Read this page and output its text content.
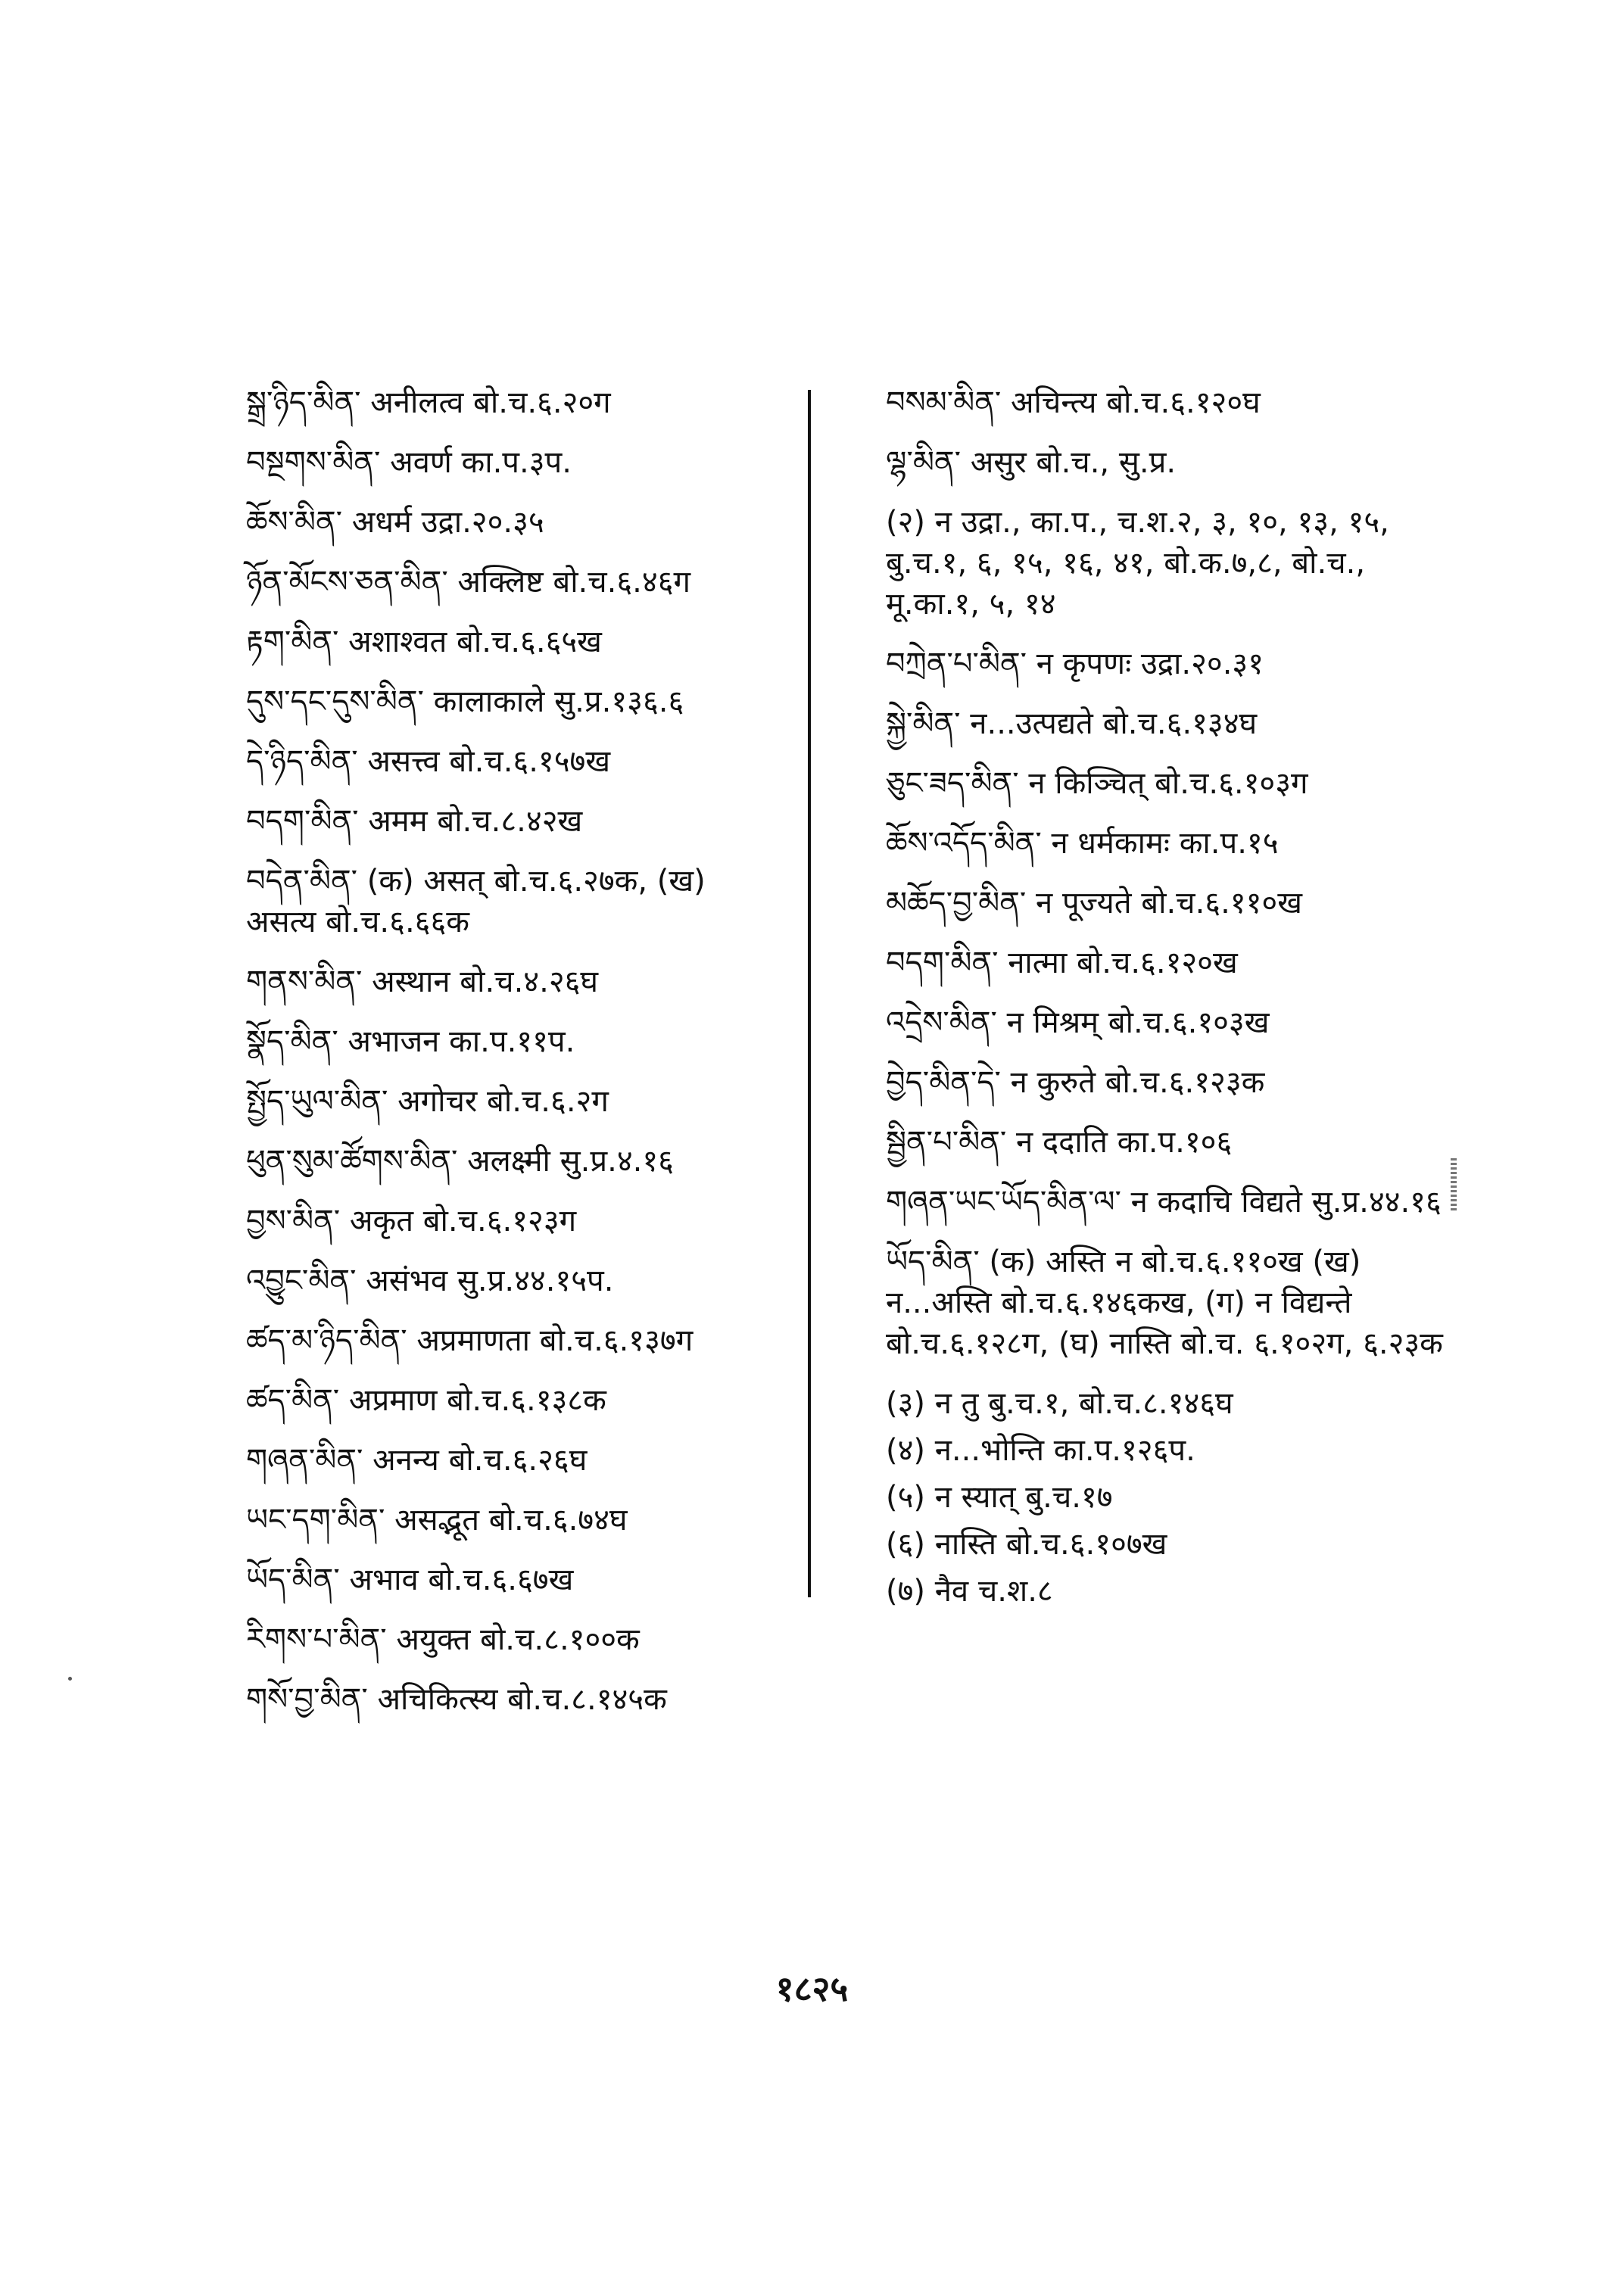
སྒྲ་ཉིད་མིན་ अनीलत्व बो.च.६.२०ग
བསྔགས་མིན་ अवर्ण का.प.३प.
ཆོས་མིན་ अधर्म उद्रा.२०.३५
ཉོན་མོངས་ཅན་མིན་ अक्लिष्ट बो.च.६.४६ग
རྟག་མིན་ अशाश्वत बो.च.६.६५ख
དུས་དང་དུས་མིན་ कालाकाले सु.प्र.१३६.६
དེ་ཉིད་མིན་ असत्त्व बो.च.६.१५७ख
བདག་མིན་ अमम बो.च.८.४२ख
བདེན་མིན་ (क) असत् बो.च.६.२७क, (ख) असत्य बो.च.६.६६क
གནས་མིན་ अस्थान बो.च.४.२६घ
སྣོད་མིན་ अभाजन का.प.११प.
སྤྱོད་ཡུལ་མིན་ अगोचर बो.च.६.२ग
ཕུན་སུམ་ཚོགས་མིན་ अलक्ष्मी सु.प्र.४.१६
བྱས་མིན་ अकृत बो.च.६.१२३ग
འབྱུང་མིན་ असंभव सु.प्र.४४.१५प.
ཚད་མ་ཉིད་མིན་ अप्रमाणता बो.च.६.१३७ग
ཚད་མིན་ अप्रमाण बो.च.६.१३८क
གཞན་མིན་ अनन्य बो.च.६.२६घ
ཡང་དག་མིན་ असद्भूत बो.च.६.७४घ
ཡོད་མིན་ अभाव बो.च.६.६७ख
རིགས་པ་མིན་ अयुक्त बो.च.८.१००क
གསོ་བྱ་མིན་ अचिकित्स्य बो.च.८.१४५क
བསམ་མིན་ अचिन्त्य बो.च.६.१२०घ
ལྷ་མིན་ असुर बो.च., सु.प्र.
(२) न उद्रा., का.प., च.श.२, ३, १०, १३, १५, बु.च.१, ६, १५, १६, ४१, बो.क.७,८, बो.च., मू.का.१, ५, १४
བཀྲེན་པ་མིན་ न कृपणः उद्रा.२०.३१
སྐྱེ་མིན་ न...उत्पद्यते बो.च.६.१३४घ
ཅུང་ཟད་མིན་ न किञ्चित् बो.च.६.१०३ग
ཆོས་འདོད་མིན་ न धर्मकामः का.प.१५
མཆོད་བྱ་མིན་ न पूज्यते बो.च.६.११०ख
བདག་མིན་ नात्मा बो.च.६.१२०ख
འདྲེས་མིན་ न मिश्रम् बो.च.६.१०३ख
བྱེད་མིན་དེ་ न कुरुते बो.च.६.१२३क
སྦྱིན་པ་མིན་ न ददाति का.प.१०६
གཞན་ཡང་ཡོད་མིན་ལ་ न कदाचि विद्यते सु.प्र.४४.१६
ཡོད་མིན་ (क) अस्ति न बो.च.६.११०ख (ख) न...अस्ति बो.च.६.१४६कख, (ग) न विद्यन्ते बो.च.६.१२८ग, (घ) नास्ति बो.च. ६.१०२ग, ६.२३क
(३) न तु बु.च.१, बो.च.८.१४६घ
(४) न...भोन्ति का.प.१२६प.
(५) न स्यात् बु.च.१७
(६) नास्ति बो.च.६.१०७ख
(७) नैव च.श.८
१८२५
